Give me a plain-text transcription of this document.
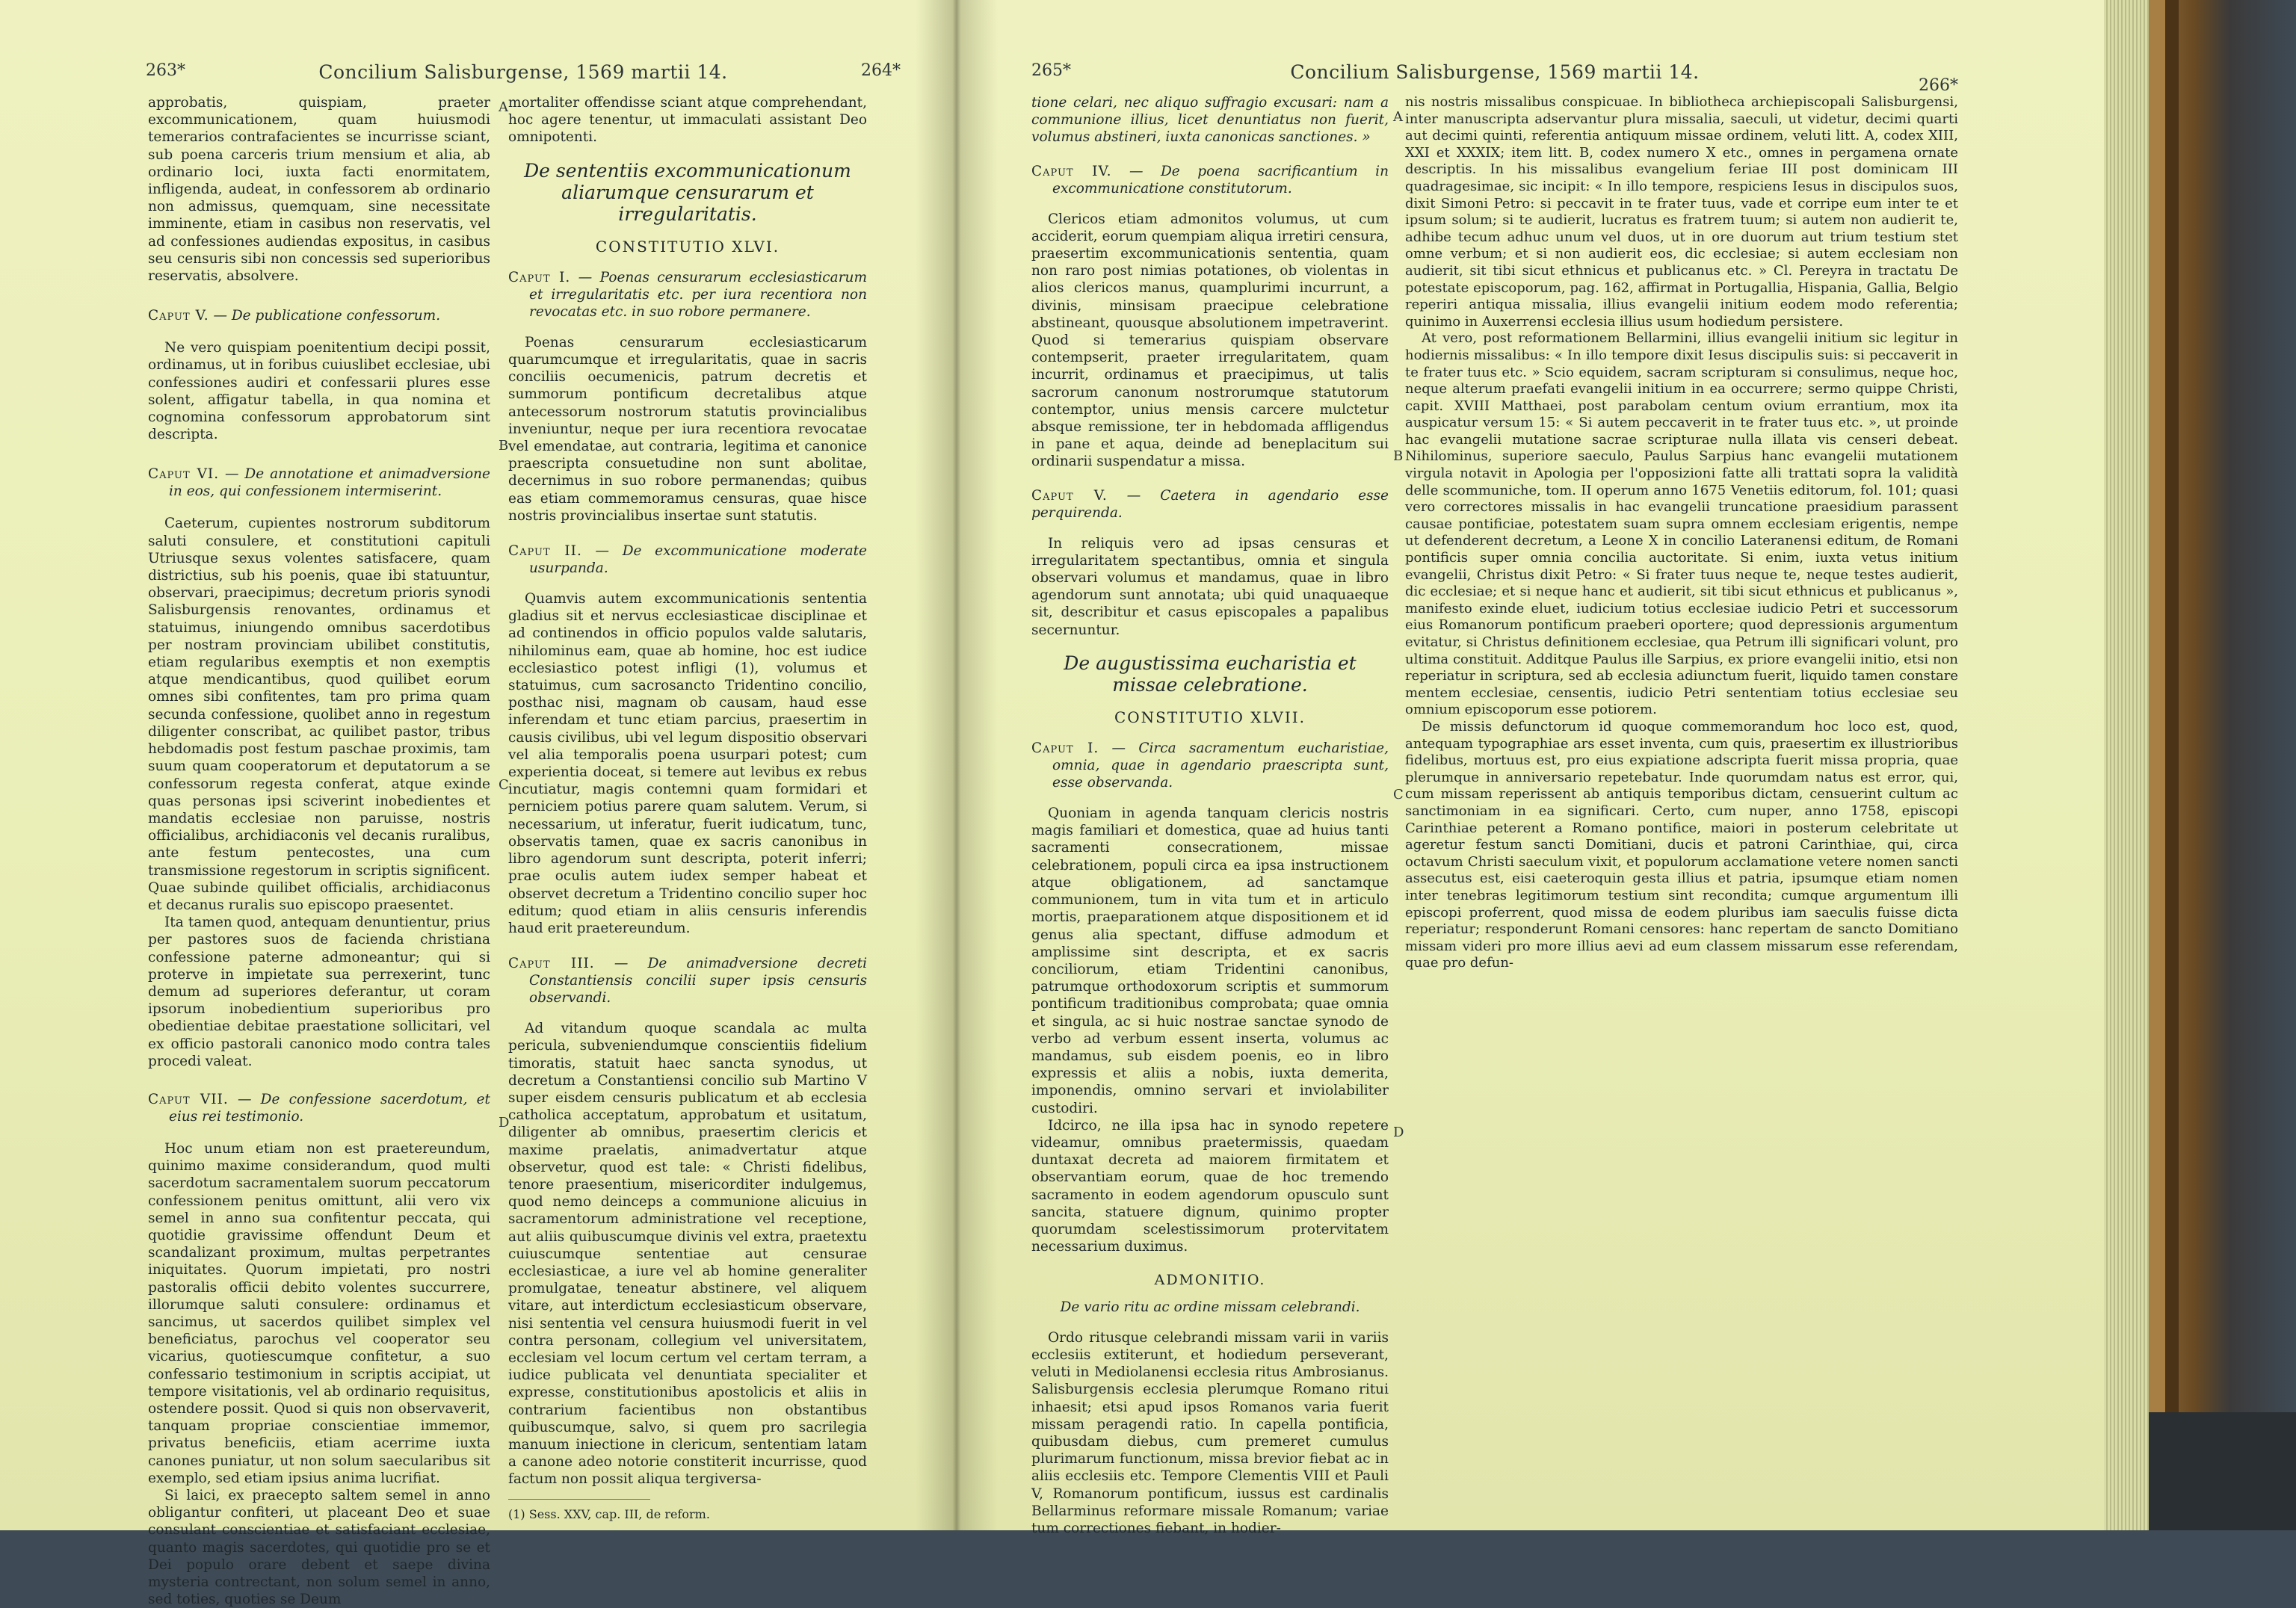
263*	Concilium Salisburgense, 1569 martii 14.	264*
A
B
C
D

approbatis, quispiam, praeter excommunicationem, quam huiusmodi temerarios contrafacientes se incurrisse sciant, sub poena carceris trium mensium et alia, ab ordinario loci, iuxta facti enormitatem, infligenda, audeat, in confessorem ab ordinario non admissus, quemquam, sine necessitate imminente, etiam in casibus non reservatis, vel ad confessiones audiendas expositus, in casibus seu censuris sibi non concessis sed superioribus reservatis, absolvere.

Caput V. — De publicatione confessorum.

Ne vero quispiam poenitentium decipi possit, ordinamus, ut in foribus cuiuslibet ecclesiae, ubi confessiones audiri et confessarii plures esse solent, affigatur tabella, in qua nomina et cognomina confessorum approbatorum sint descripta.

Caput VI. — De annotatione et animadversione in eos, qui confessionem intermiserint.

Caeterum, cupientes nostrorum subditorum saluti consulere, et constitutioni capituli Utriusque sexus volentes satisfacere, quam districtius, sub his poenis, quae ibi statuuntur, observari, praecipimus; decretum prioris synodi Salisburgensis renovantes, ordinamus et statuimus, iniungendo omnibus sacerdotibus per nostram provinciam ubilibet constitutis, etiam regularibus exemptis et non exemptis atque mendicantibus, quod quilibet eorum omnes sibi confitentes, tam pro prima quam secunda confessione, quolibet anno in regestum diligenter conscribat, ac quilibet pastor, tribus hebdomadis post festum paschae proximis, tam suum quam cooperatorum et deputatorum a se confessorum regesta conferat, atque exinde quas personas ipsi sciverint inobedientes et mandatis ecclesiae non paruisse, nostris officialibus, archidiaconis vel decanis ruralibus, ante festum pentecostes, una cum transmissione regestorum in scriptis significent. Quae subinde quilibet officialis, archidiaconus et decanus ruralis suo episcopo praesentet.

Ita tamen quod, antequam denuntientur, prius per pastores suos de facienda christiana confessione paterne admoneantur; qui si proterve in impietate sua perrexerint, tunc demum ad superiores deferantur, ut coram ipsorum inobedientium superioribus pro obedientiae debitae praestatione sollicitari, vel ex officio pastorali canonico modo contra tales procedi valeat.

Caput VII. — De confessione sacerdotum, et eius rei testimonio.

Hoc unum etiam non est praetereundum, quinimo maxime considerandum, quod multi sacerdotum sacramentalem suorum peccatorum confessionem penitus omittunt, alii vero vix semel in anno sua confitentur peccata, qui quotidie gravissime offendunt Deum et scandalizant proximum, multas perpetrantes iniquitates. Quorum impietati, pro nostri pastoralis officii debito volentes succurrere, illorumque saluti consulere: ordinamus et sancimus, ut sacerdos quilibet simplex vel beneficiatus, parochus vel cooperator seu vicarius, quotiescumque confitetur, a suo confessario testimonium in scriptis accipiat, ut tempore visitationis, vel ab ordinario requisitus, ostendere possit. Quod si quis non observaverit, tanquam propriae conscientiae immemor, privatus beneficiis, etiam acerrime iuxta canones puniatur, ut non solum saecularibus sit exemplo, sed etiam ipsius anima lucrifiat.

Si laici, ex praecepto saltem semel in anno obligantur confiteri, ut placeant Deo et suae consulant conscientiae et satisfaciant ecclesiae, quanto magis sacerdotes, qui quotidie pro se et Dei populo orare debent et saepe divina mysteria contrectant, non solum semel in anno, sed toties, quoties se Deum

mortaliter offendisse sciant atque comprehendant, hoc agere tenentur, ut immaculati assistant Deo omnipotenti.

De sententiis excommunicationum aliarumque censurarum et irregularitatis.
CONSTITUTIO XLVI.
Caput I. — Poenas censurarum ecclesiasticarum et irregularitatis etc. per iura recentiora non revocatas etc. in suo robore permanere.

Poenas censurarum ecclesiasticarum quarumcumque et irregularitatis, quae in sacris conciliis oecumenicis, patrum decretis et summorum pontificum decretalibus atque antecessorum nostrorum statutis provincialibus inveniuntur, neque per iura recentiora revocatae vel emendatae, aut contraria, legitima et canonice praescripta consuetudine non sunt abolitae, decernimus in suo robore permanendas; quibus eas etiam commemoramus censuras, quae hisce nostris provincialibus insertae sunt statutis.

Caput II. — De excommunicatione moderate usurpanda.

Quamvis autem excommunicationis sententia gladius sit et nervus ecclesiasticae disciplinae et ad continendos in officio populos valde salutaris, nihilominus eam, quae ab homine, hoc est iudice ecclesiastico potest infligi (1), volumus et statuimus, cum sacrosancto Tridentino concilio, posthac nisi, magnam ob causam, haud esse inferendam et tunc etiam parcius, praesertim in causis civilibus, ubi vel legum dispositio observari vel alia temporalis poena usurpari potest; cum experientia doceat, si temere aut levibus ex rebus incutiatur, magis contemni quam formidari et perniciem potius parere quam salutem. Verum, si necessarium, ut inferatur, fuerit iudicatum, tunc, observatis tamen, quae ex sacris canonibus in libro agendorum sunt descripta, poterit inferri; prae oculis autem iudex semper habeat et observet decretum a Tridentino concilio super hoc editum; quod etiam in aliis censuris inferendis haud erit praetereundum.

Caput III. — De animadversione decreti Constantiensis concilii super ipsis censuris observandi.

Ad vitandum quoque scandala ac multa pericula, subveniendumque conscientiis fidelium timoratis, statuit haec sancta synodus, ut decretum a Constantiensi concilio sub Martino V super eisdem censuris publicatum et ab ecclesia catholica acceptatum, approbatum et usitatum, diligenter ab omnibus, praesertim clericis et maxime praelatis, animadvertatur atque observetur, quod est tale: « Christi fidelibus, tenore praesentium, misericorditer indulgemus, quod nemo deinceps a communione alicuius in sacramentorum administratione vel receptione, aut aliis quibuscumque divinis vel extra, praetextu cuiuscumque sententiae aut censurae ecclesiasticae, a iure vel ab homine generaliter promulgatae, teneatur abstinere, vel aliquem vitare, aut interdictum ecclesiasticum observare, nisi sententia vel censura huiusmodi fuerit in vel contra personam, collegium vel universitatem, ecclesiam vel locum certum vel certam terram, a iudice publicata vel denuntiata specialiter et expresse, constitutionibus apostolicis et aliis in contrarium facientibus non obstantibus quibuscumque, salvo, si quem pro sacrilegia manuum iniectione in clericum, sententiam latam a canone adeo notorie constiterit incurrisse, quod factum non possit aliqua tergiversa-

(1) Sess. XXV, cap. III, de reform.

265*	Concilium Salisburgense, 1569 martii 14.
266*
A
B
C
D

tione celari, nec aliquo suffragio excusari: nam a communione illius, licet denuntiatus non fuerit, volumus abstineri, iuxta canonicas sanctiones. »

Caput IV. — De poena sacrificantium in excommunicatione constitutorum.

Clericos etiam admonitos volumus, ut cum acciderit, eorum quempiam aliqua irretiri censura, praesertim excommunicationis sententia, quam non raro post nimias potationes, ob violentas in alios clericos manus, quamplurimi incurrunt, a divinis, minsisam praecipue celebratione abstineant, quousque absolutionem impetraverint. Quod si temerarius quispiam observare contempserit, praeter irregularitatem, quam incurrit, ordinamus et praecipimus, ut talis sacrorum canonum nostrorumque statutorum contemptor, unius mensis carcere mulctetur absque remissione, ter in hebdomada affligendus in pane et aqua, deinde ad beneplacitum sui ordinarii suspendatur a missa.

Caput V. — Caetera in agendario esse perquirenda.

In reliquis vero ad ipsas censuras et irregularitatem spectantibus, omnia et singula observari volumus et mandamus, quae in libro agendorum sunt annotata; ubi quid unaquaeque sit, describitur et casus episcopales a papalibus secernuntur.

De augustissima eucharistia et missae celebratione.
CONSTITUTIO XLVII.
Caput I. — Circa sacramentum eucharistiae, omnia, quae in agendario praescripta sunt, esse observanda.

Quoniam in agenda tanquam clericis nostris magis familiari et domestica, quae ad huius tanti sacramenti consecrationem, missae celebrationem, populi circa ea ipsa instructionem atque obligationem, ad sanctamque communionem, tum in vita tum et in articulo mortis, praeparationem atque dispositionem et id genus alia spectant, diffuse admodum et amplissime sint descripta, et ex sacris conciliorum, etiam Tridentini canonibus, patrumque orthodoxorum scriptis et summorum pontificum traditionibus comprobata; quae omnia et singula, ac si huic nostrae sanctae synodo de verbo ad verbum essent inserta, volumus ac mandamus, sub eisdem poenis, eo in libro expressis et aliis a nobis, iuxta demerita, imponendis, omnino servari et inviolabiliter custodiri.

Idcirco, ne illa ipsa hac in synodo repetere videamur, omnibus praetermissis, quaedam duntaxat decreta ad maiorem firmitatem et observantiam eorum, quae de hoc tremendo sacramento in eodem agendorum opusculo sunt sancita, statuere dignum, quinimo propter quorumdam scelestissimorum protervitatem necessarium duximus.

ADMONITIO.
De vario ritu ac ordine missam celebrandi.

Ordo ritusque celebrandi missam varii in variis ecclesiis extiterunt, et hodiedum perseverant, veluti in Mediolanensi ecclesia ritus Ambrosianus. Salisburgensis ecclesia plerumque Romano ritui inhaesit; etsi apud ipsos Romanos varia fuerit missam peragendi ratio. In capella pontificia, quibusdam diebus, cum premeret cumulus plurimarum functionum, missa brevior fiebat ac in aliis ecclesiis etc. Tempore Clementis VIII et Pauli V, Romanorum pontificum, iussus est cardinalis Bellarminus reformare missale Romanum; variae tum correctiones fiebant, in hodier-

nis nostris missalibus conspicuae. In bibliotheca archiepiscopali Salisburgensi, inter manuscripta adservantur plura missalia, saeculi, ut videtur, decimi quarti aut decimi quinti, referentia antiquum missae ordinem, veluti litt. A, codex XIII, XXI et XXXIX; item litt. B, codex numero X etc., omnes in pergamena ornate descriptis. In his missalibus evangelium feriae III post dominicam III quadragesimae, sic incipit: « In illo tempore, respiciens Iesus in discipulos suos, dixit Simoni Petro: si peccavit in te frater tuus, vade et corripe eum inter te et ipsum solum; si te audierit, lucratus es fratrem tuum; si autem non audierit te, adhibe tecum adhuc unum vel duos, ut in ore duorum aut trium testium stet omne verbum; et si non audierit eos, dic ecclesiae; si autem ecclesiam non audierit, sit tibi sicut ethnicus et publicanus etc. » Cl. Pereyra in tractatu De potestate episcoporum, pag. 162, affirmat in Portugallia, Hispania, Gallia, Belgio reperiri antiqua missalia, illius evangelii initium eodem modo referentia; quinimo in Auxerrensi ecclesia illius usum hodiedum persistere.

At vero, post reformationem Bellarmini, illius evangelii initium sic legitur in hodiernis missalibus: « In illo tempore dixit Iesus discipulis suis: si peccaverit in te frater tuus etc. » Scio equidem, sacram scripturam si consulimus, neque hoc, neque alterum praefati evangelii initium in ea occurrere; sermo quippe Christi, capit. XVIII Matthaei, post parabolam centum ovium errantium, mox ita auspicatur versum 15: « Si autem peccaverit in te frater tuus etc. », ut proinde hac evangelii mutatione sacrae scripturae nulla illata vis censeri debeat. Nihilominus, superiore saeculo, Paulus Sarpius hanc evangelii mutationem virgula notavit in Apologia per l'opposizioni fatte alli trattati sopra la validità delle scommuniche, tom. II operum anno 1675 Venetiis editorum, fol. 101; quasi vero correctores missalis in hac evangelii truncatione praesidium parassent causae pontificiae, potestatem suam supra omnem ecclesiam erigentis, nempe ut defenderent decretum, a Leone X in concilio Lateranensi editum, de Romani pontificis super omnia concilia auctoritate. Si enim, iuxta vetus initium evangelii, Christus dixit Petro: « Si frater tuus neque te, neque testes audierit, dic ecclesiae; et si neque hanc et audierit, sit tibi sicut ethnicus et publicanus », manifesto exinde eluet, iudicium totius ecclesiae iudicio Petri et successorum eius Romanorum pontificum praeberi oportere; quod depressionis argumentum evitatur, si Christus definitionem ecclesiae, qua Petrum illi significari volunt, pro ultima constituit. Additque Paulus ille Sarpius, ex priore evangelii initio, etsi non reperiatur in scriptura, sed ab ecclesia adiunctum fuerit, liquido tamen constare mentem ecclesiae, censentis, iudicio Petri sententiam totius ecclesiae seu omnium episcoporum esse potiorem.

De missis defunctorum id quoque commemorandum hoc loco est, quod, antequam typographiae ars esset inventa, cum quis, praesertim ex illustrioribus fidelibus, mortuus est, pro eius expiatione adscripta fuerit missa propria, quae plerumque in anniversario repetebatur. Inde quorumdam natus est error, qui, cum missam reperissent ab antiquis temporibus dictam, censuerint cultum ac sanctimoniam in ea significari. Certo, cum nuper, anno 1758, episcopi Carinthiae peterent a Romano pontifice, maiori in posterum celebritate ut ageretur festum sancti Domitiani, ducis et patroni Carinthiae, qui, circa octavum Christi saeculum vixit, et populorum acclamatione vetere nomen sancti assecutus est, eisi caeteroquin gesta illius et patria, ipsumque etiam nomen inter tenebras legitimorum testium sint recondita; cumque argumentum illi episcopi proferrent, quod missa de eodem pluribus iam saeculis fuisse dicta reperiatur; responderunt Romani censores: hanc repertam de sancto Domitiano missam videri pro more illius aevi ad eum classem missarum esse referendam, quae pro defun-
